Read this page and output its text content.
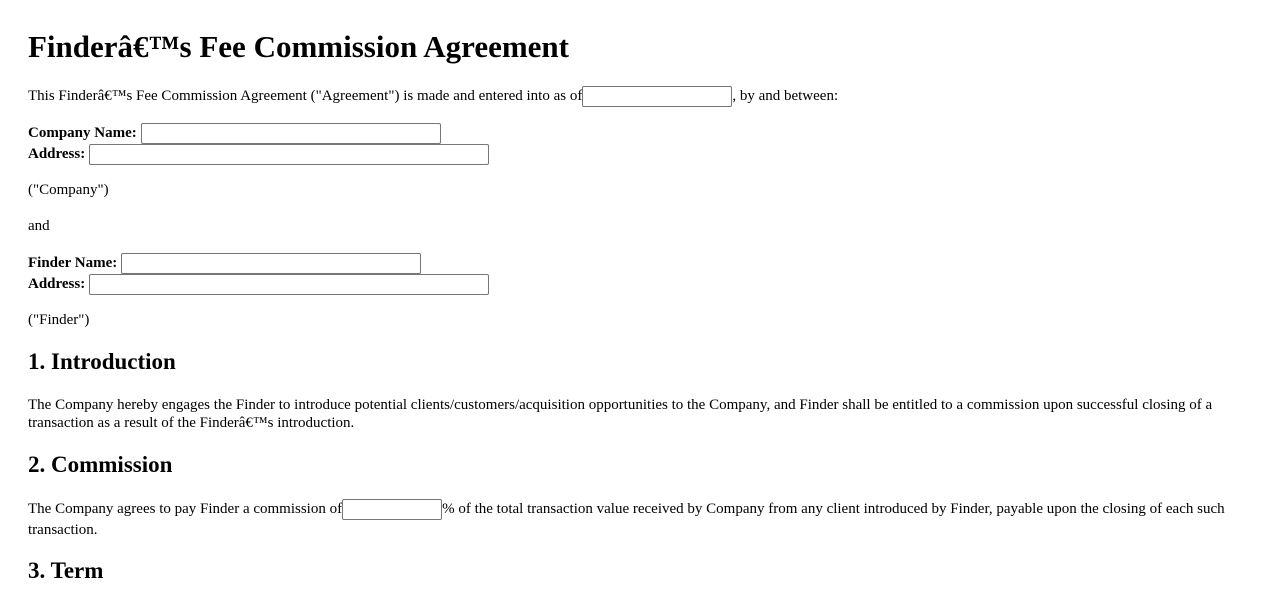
Finderâ€™s Fee Commission Agreement
This Finderâ€™s Fee Commission Agreement ("Agreement") is made and entered into as of	, by and between:
Company Name:
Address:
("Company")
and
Finder Name:
Address:
("Finder")
1. Introduction
The Company hereby engages the Finder to introduce potential clients/customers/acquisition opportunities to the Company, and Finder shall be entitled to a commission upon successful closing of a transaction as a result of the Finderâ€™s introduction.
2. Commission
The Company agrees to pay Finder a commission of	% of the total transaction value received by Company from any client introduced by Finder, payable upon the closing of each such transaction.
3. Term
